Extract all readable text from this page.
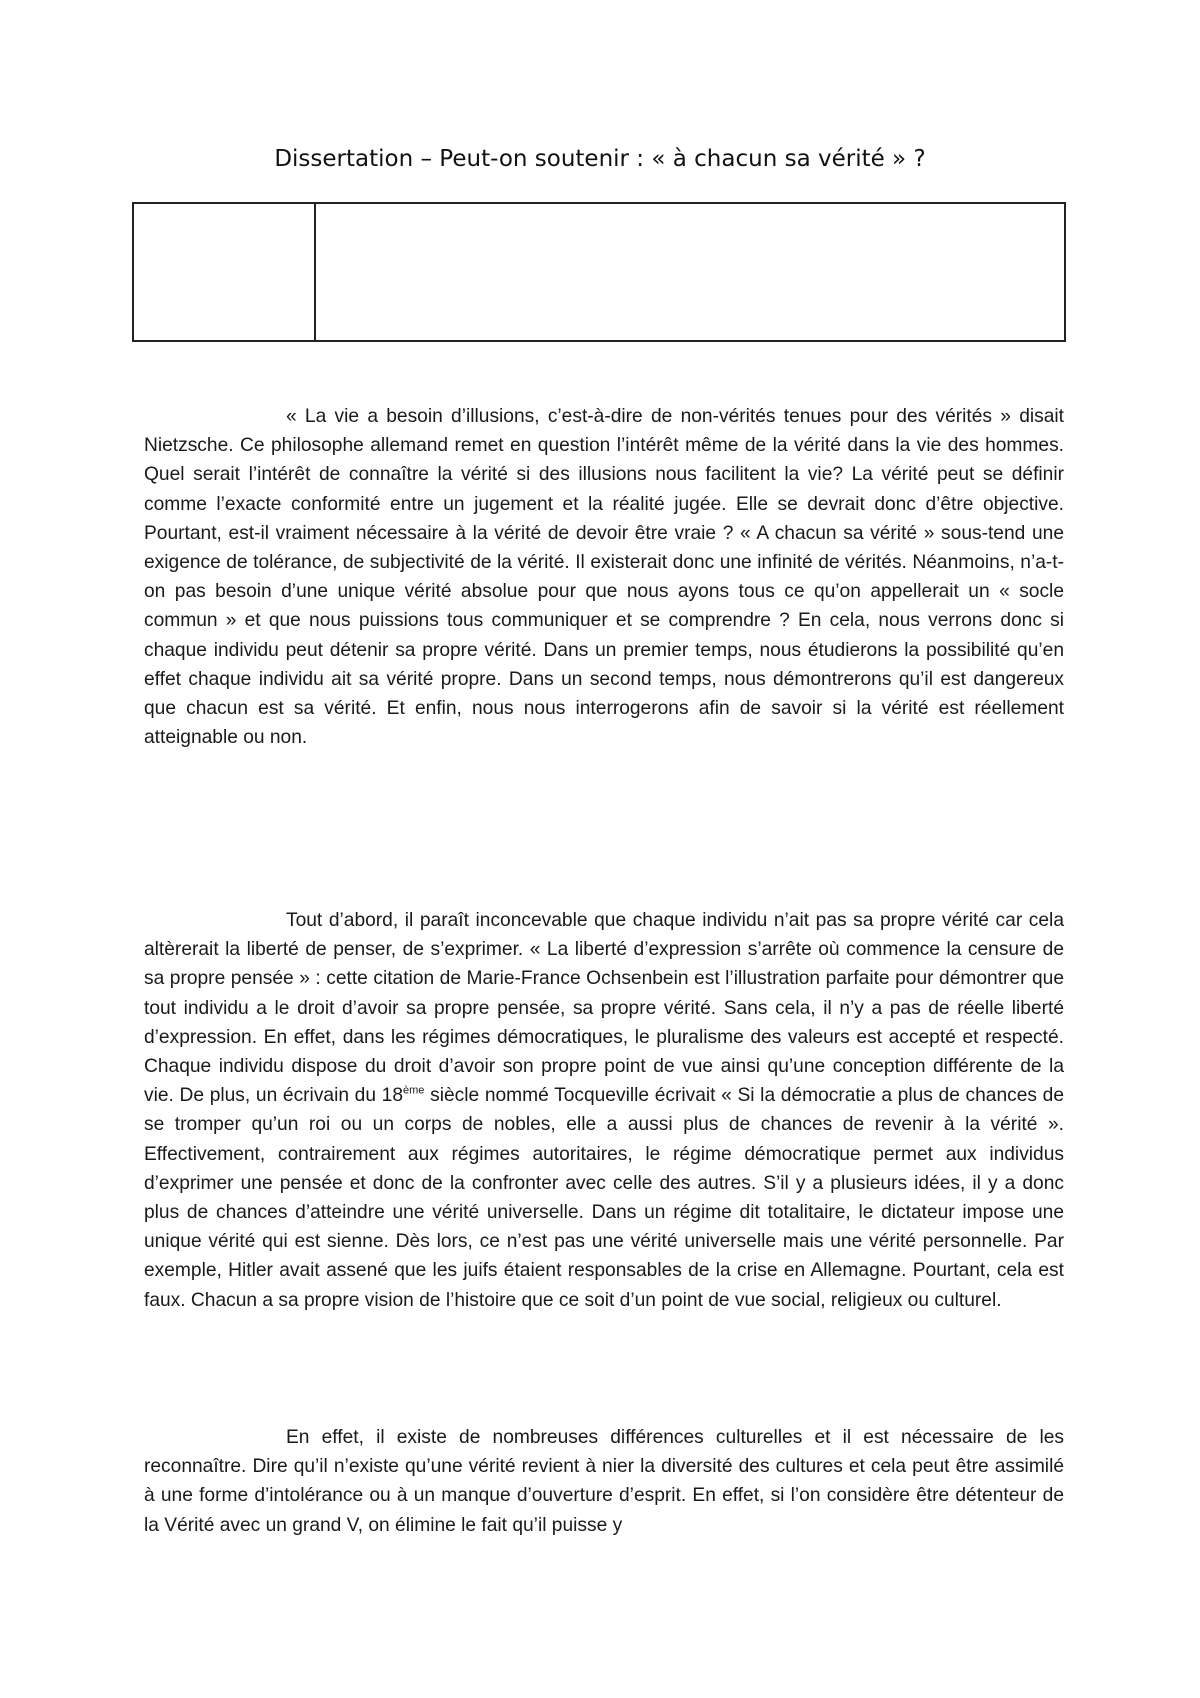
Dissertation – Peut-on soutenir : « à chacun sa vérité » ?

« La vie a besoin d’illusions, c’est-à-dire de non-vérités tenues pour des vérités » disait Nietzsche. Ce philosophe allemand remet en question l’intérêt même de la vérité dans la vie des hommes. Quel serait l’intérêt de connaître la vérité si des illusions nous facilitent la vie? La vérité peut se définir comme l’exacte conformité entre un jugement et la réalité jugée. Elle se devrait donc d’être objective. Pourtant, est-il vraiment nécessaire à la vérité de devoir être vraie ? « A chacun sa vérité » sous-tend une exigence de tolérance, de subjectivité de la vérité. Il existerait donc une infinité de vérités. Néanmoins, n’a-t-on pas besoin d’une unique vérité absolue pour que nous ayons tous ce qu’on appellerait un « socle commun » et que nous puissions tous communiquer et se comprendre ? En cela, nous verrons donc si chaque individu peut détenir sa propre vérité. Dans un premier temps, nous étudierons la possibilité qu’en effet chaque individu ait sa vérité propre. Dans un second temps, nous démontrerons qu’il est dangereux que chacun est sa vérité. Et enfin, nous nous interrogerons afin de savoir si la vérité est réellement atteignable ou non.

Tout d’abord, il paraît inconcevable que chaque individu n’ait pas sa propre vérité car cela altèrerait la liberté de penser, de s’exprimer. « La liberté d’expression s’arrête où commence la censure de sa propre pensée » : cette citation de Marie-France Ochsenbein est l’illustration parfaite pour démontrer que tout individu a le droit d’avoir sa propre pensée, sa propre vérité. Sans cela, il n’y a pas de réelle liberté d’expression. En effet, dans les régimes démocratiques, le pluralisme des valeurs est accepté et respecté. Chaque individu dispose du droit d’avoir son propre point de vue ainsi qu’une conception différente de la vie. De plus, un écrivain du 18ème siècle nommé Tocqueville écrivait « Si la démocratie a plus de chances de se tromper qu’un roi ou un corps de nobles, elle a aussi plus de chances de revenir à la vérité ». Effectivement, contrairement aux régimes autoritaires, le régime démocratique permet aux individus d’exprimer une pensée et donc de la confronter avec celle des autres. S’il y a plusieurs idées, il y a donc plus de chances d’atteindre une vérité universelle. Dans un régime dit totalitaire, le dictateur impose une unique vérité qui est sienne. Dès lors, ce n’est pas une vérité universelle mais une vérité personnelle. Par exemple, Hitler avait assené que les juifs étaient responsables de la crise en Allemagne. Pourtant, cela est faux. Chacun a sa propre vision de l’histoire que ce soit d’un point de vue social, religieux ou culturel.

En effet, il existe de nombreuses différences culturelles et il est nécessaire de les reconnaître. Dire qu’il n’existe qu’une vérité revient à nier la diversité des cultures et cela peut être assimilé à une forme d’intolérance ou à un manque d’ouverture d’esprit. En effet, si l’on considère être détenteur de la Vérité avec un grand V, on élimine le fait qu’il puisse y
